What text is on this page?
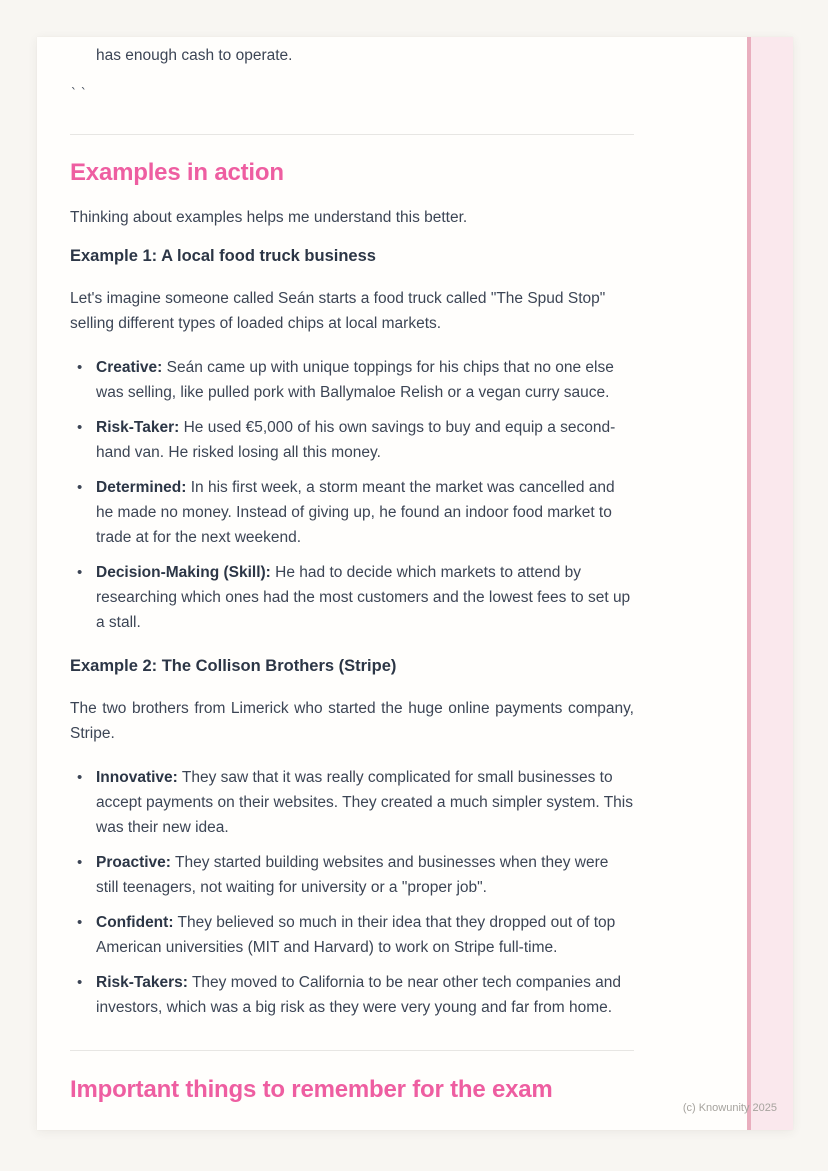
has enough cash to operate.

``

Examples in action

Thinking about examples helps me understand this better.

Example 1: A local food truck business

Let's imagine someone called Seán starts a food truck called "The Spud Stop" selling different types of loaded chips at local markets.

• Creative: Seán came up with unique toppings for his chips that no one else was selling, like pulled pork with Ballymaloe Relish or a vegan curry sauce.
• Risk-Taker: He used €5,000 of his own savings to buy and equip a second-hand van. He risked losing all this money.
• Determined: In his first week, a storm meant the market was cancelled and he made no money. Instead of giving up, he found an indoor food market to trade at for the next weekend.
• Decision-Making (Skill): He had to decide which markets to attend by researching which ones had the most customers and the lowest fees to set up a stall.
Example 2: The Collison Brothers (Stripe)

The two brothers from Limerick who started the huge online payments company, Stripe.

• Innovative: They saw that it was really complicated for small businesses to accept payments on their websites. They created a much simpler system. This was their new idea.
• Proactive: They started building websites and businesses when they were still teenagers, not waiting for university or a "proper job".
• Confident: They believed so much in their idea that they dropped out of top American universities (MIT and Harvard) to work on Stripe full-time.
• Risk-Takers: They moved to California to be near other tech companies and investors, which was a big risk as they were very young and far from home.
Important things to remember for the exam
(c) Knowunity 2025
